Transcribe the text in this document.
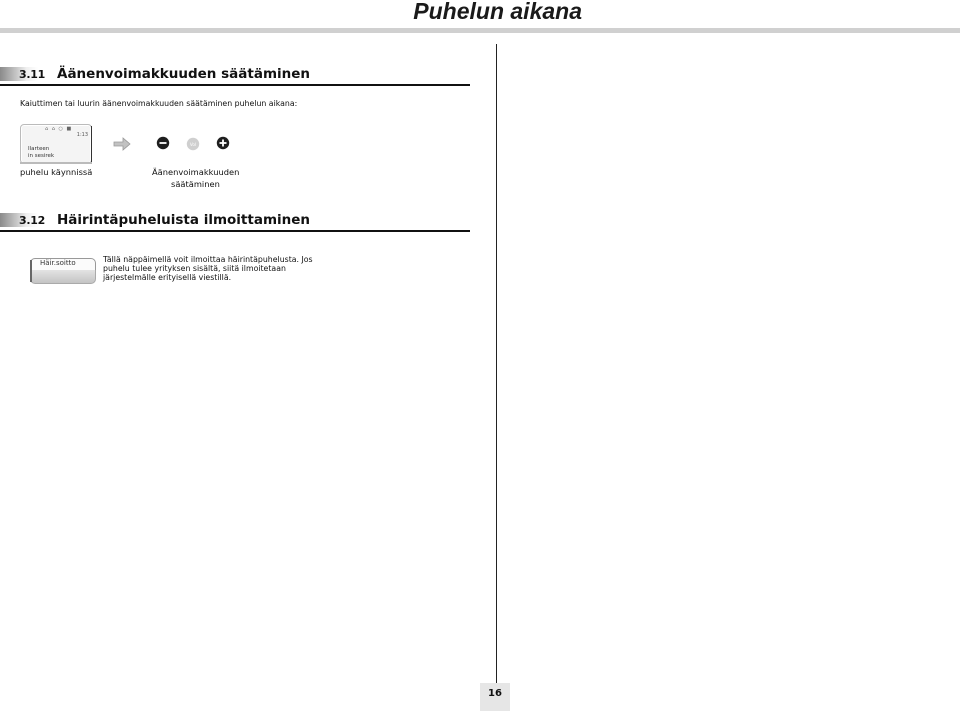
Puhelun aikana
3.11 Äänenvoimakkuuden säätäminen
Kaiuttimen tai luurin äänenvoimakkuuden säätäminen puhelun aikana:
⌂ ⌂ ○ ■
1:13
Ilarteen
in sesirek
Vol
puhelu käynnissä	Äänenvoimakkuuden
säätäminen
3.12 Häirintäpuheluista ilmoittaminen
Häir.soitto	Tällä näppäimellä voit ilmoittaa häirintäpuhelusta. Jos
puhelu tulee yrityksen sisältä, siitä ilmoitetaan
järjestelmälle erityisellä viestillä.
16
